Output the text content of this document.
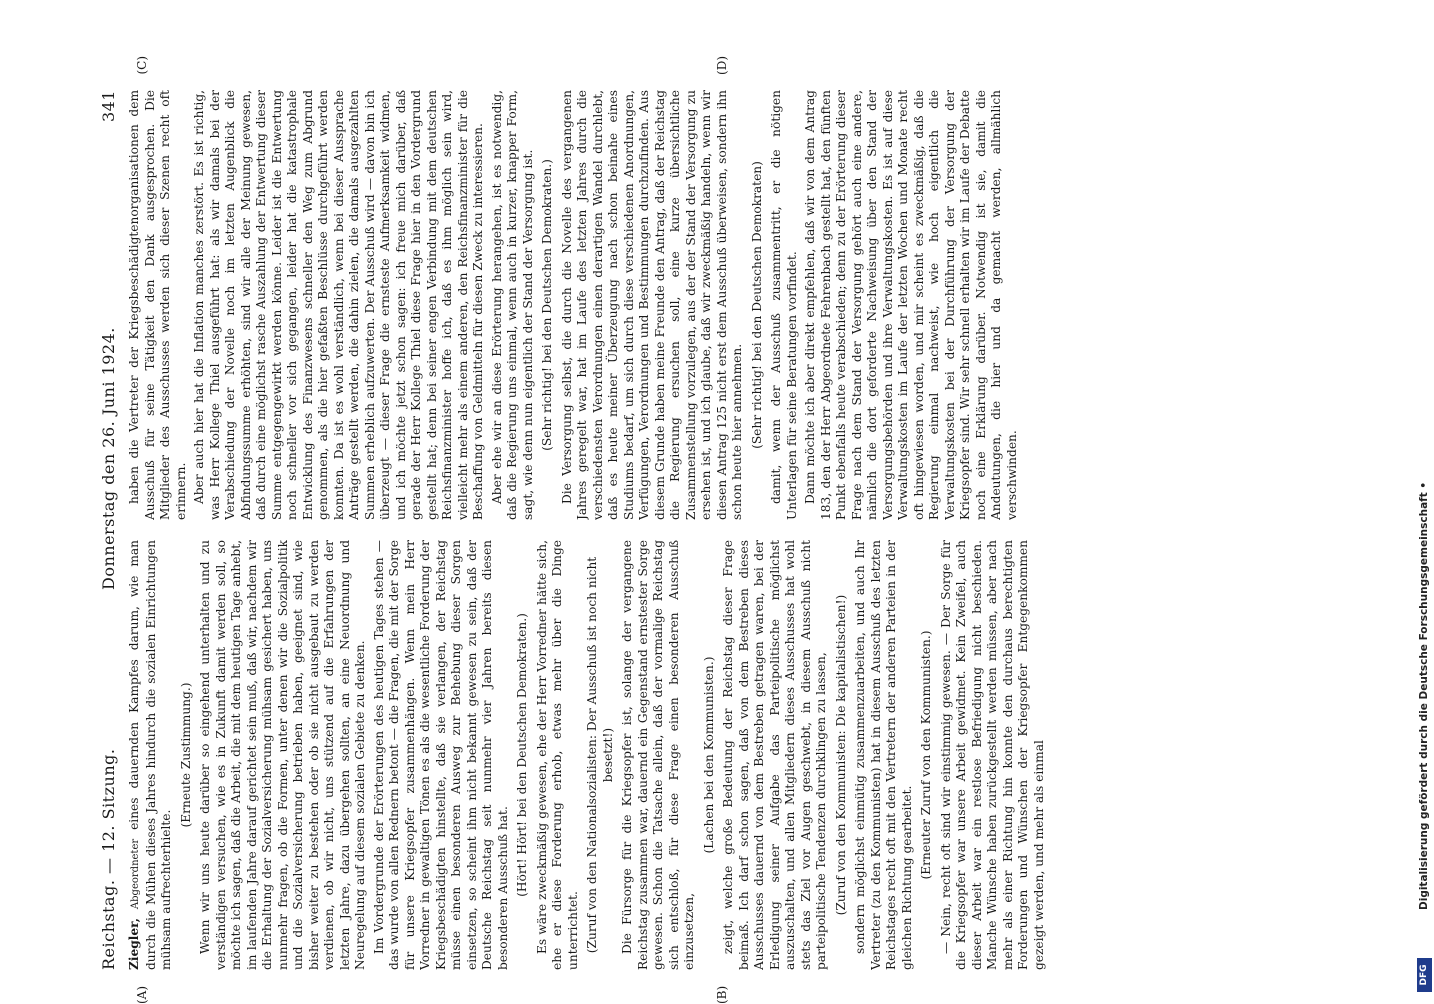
Reichstag. — 12. Sitzung.
Donnerstag den 26. Juni 1924.
341
(A)	(B)
(C)	(D)

Ziegler, Abgeordneter eines dauernden Kampfes darum, wie man durch die Mühen dieses Jahres hindurch die sozialen Einrichtungen mühsam aufrechterhielte.

(Erneute Zustimmung.) Wenn wir uns heute darüber so eingehend unterhalten und zu verständigen versuchen, wie es in Zukunft damit werden soll, so möchte ich sagen, daß die Arbeit, die mit dem heutigen Tage anhebt, im laufenden Jahre darauf gerichtet sein muß, daß wir, nachdem wir die Erhaltung der Sozialversicherung mühsam gesichert haben, uns nunmehr fragen, ob die Formen, unter denen wir die Sozialpolitik und die Sozialversicherung betrieben haben, geeignet sind, wie bisher weiter zu bestehen oder ob sie nicht ausgebaut zu werden verdienen, ob wir nicht, uns stützend auf die Erfahrungen der letzten Jahre, dazu übergehen sollten, an eine Neuordnung und Neuregelung auf diesem sozialen Gebiete zu denken. Im Vordergrunde der Erörterungen des heutigen Tages stehen — das wurde von allen Rednern betont — die Fragen, die mit der Sorge für unsere Kriegsopfer zusammenhängen. Wenn mein Herr Vorredner in gewaltigen Tönen es als die wesentliche Forderung der Kriegsbeschädigten hinstellte, daß sie verlangen, der Reichstag müsse einen besonderen Ausweg zur Behebung dieser Sorgen einsetzen, so scheint ihm nicht bekannt gewesen zu sein, daß der Deutsche Reichstag seit nunmehr vier Jahren bereits diesen besonderen Ausschuß hat. (Hört! Hört! bei den Deutschen Demokraten.) Es wäre zweckmäßig gewesen, ehe der Herr Vorredner hätte sich, ehe er diese Forderung erhob, etwas mehr über die Dinge unterrichtet. (Zuruf von den Nationalsozialisten: Der Ausschuß ist noch nicht besetzt!) Die Fürsorge für die Kriegsopfer ist, solange der vergangene Reichstag zusammen war, dauernd ein Gegenstand ernstester Sorge gewesen. Schon die Tatsache allein, daß der vormalige Reichstag sich entschloß, für diese Frage einen besonderen Ausschuß einzusetzen,

(Lachen bei den Kommunisten.) zeigt, welche große Bedeutung der Reichstag dieser Frage beimaß. Ich darf schon sagen, daß von dem Bestreben dieses Ausschusses dauernd von dem Bestreben getragen waren, bei der Erledigung seiner Aufgabe das Parteipolitische möglichst auszuschalten, und allen Mitgliedern dieses Ausschusses hat wohl stets das Ziel vor Augen geschwebt, in diesem Ausschuß nicht parteipolitische Tendenzen durchklingen zu lassen, (Zuruf von den Kommunisten: Die kapitalistischen!) sondern möglichst einmütig zusammenzuarbeiten, und auch Ihr Vertreter (zu den Kommunisten) hat in diesem Ausschuß des letzten Reichstages recht oft mit den Vertretern der anderen Parteien in der gleichen Richtung gearbeitet. (Erneuter Zuruf von den Kommunisten.) — Nein, recht oft sind wir einstimmig gewesen. — Der Sorge für die Kriegsopfer war unsere Arbeit gewidmet. Kein Zweifel, auch dieser Arbeit war ein restlose Befriedigung nicht beschieden. Manche Wünsche haben zurückgestellt werden müssen, aber nach mehr als einer Richtung hin konnte den durchaus berechtigten Forderungen und Wünschen der Kriegsopfer Entgegenkommen gezeigt werden, und mehr als einmal

haben die Vertreter der Kriegsbeschädigtenorganisationen dem Ausschuß für seine Tätigkeit den Dank ausgesprochen. Die Mitglieder des Ausschusses werden sich dieser Szenen recht oft erinnern. Aber auch hier hat die Inflation manches zerstört. Es ist richtig, was Herr Kollege Thiel ausgeführt hat: als wir damals bei der Verabschiedung der Novelle noch im letzten Augenblick die Abfindungssumme erhöhten, sind wir alle der Meinung gewesen, daß durch eine möglichst rasche Auszahlung der Entwertung dieser Summe entgegengewirkt werden könne. Leider ist die Entwertung noch schneller vor sich gegangen, leider hat die katastrophale Entwicklung des Finanzwesens schneller den Weg zum Abgrund genommen, als die hier gefaßten Beschlüsse durchgeführt werden konnten. Da ist es wohl verständlich, wenn bei dieser Aussprache Anträge gestellt werden, die dahin zielen, die damals ausgezahlten Summen erheblich aufzuwerten. Der Ausschuß wird — davon bin ich überzeugt — dieser Frage die ernsteste Aufmerksamkeit widmen, und ich möchte jetzt schon sagen: ich freue mich darüber, daß gerade der Herr Kollege Thiel diese Frage hier in den Vordergrund gestellt hat; denn bei seiner engen Verbindung mit dem deutschen Reichsfinanzminister hoffe ich, daß es ihm möglich sein wird, vielleicht mehr als einem anderen, den Reichsfinanzminister für die Beschaffung von Geldmitteln für diesen Zweck zu interessieren. Aber ehe wir an diese Erörterung herangehen, ist es notwendig, daß die Regierung uns einmal, wenn auch in kurzer, knapper Form, sagt, wie denn nun eigentlich der Stand der Versorgung ist. (Sehr richtig! bei den Deutschen Demokraten.) Die Versorgung selbst, die durch die Novelle des vergangenen Jahres geregelt war, hat im Laufe des letzten Jahres durch die verschiedensten Verordnungen einen derartigen Wandel durchlebt, daß es heute meiner Überzeugung nach schon beinahe eines Studiums bedarf, um sich durch diese verschiedenen Anordnungen, Verfügungen, Verordnungen und Bestimmungen durchzufinden. Aus diesem Grunde haben meine Freunde den Antrag, daß der Reichstag die Regierung ersuchen soll, eine kurze übersichtliche Zusammenstellung vorzulegen, aus der der Stand der Versorgung zu ersehen ist, und ich glaube, daß wir zweckmäßig handeln, wenn wir diesen Antrag 125 nicht erst dem Ausschuß überweisen, sondern ihn schon heute hier annehmen. (Sehr richtig! bei den Deutschen Demokraten) damit, wenn der Ausschuß zusammentritt, er die nötigen Unterlagen für seine Beratungen vorfindet. Dann möchte ich aber direkt empfehlen, daß wir von dem Antrag 183, den der Herr Abgeordnete Fehrenbach gestellt hat, den fünften Punkt ebenfalls heute verabschieden; denn zu der Erörterung dieser Frage nach dem Stand der Versorgung gehört auch eine andere, nämlich die dort geforderte Nachweisung über den Stand der Versorgungsbehörden und ihre Verwaltungskosten. Es ist auf diese Verwaltungskosten im Laufe der letzten Wochen und Monate recht oft hingewiesen worden, und mir scheint es zweckmäßig, daß die Regierung einmal nachweist, wie hoch eigentlich die Verwaltungskosten bei der Durchführung der Versorgung der Kriegsopfer sind. Wir sehr schnell erhalten wir im Laufe der Debatte noch eine Erklärung darüber. Notwendig ist sie, damit die Andeutungen, die hier und da gemacht werden, allmählich verschwinden.

DFG
Digitalisierung gefördert durch die Deutsche Forschungsgemeinschaft •
